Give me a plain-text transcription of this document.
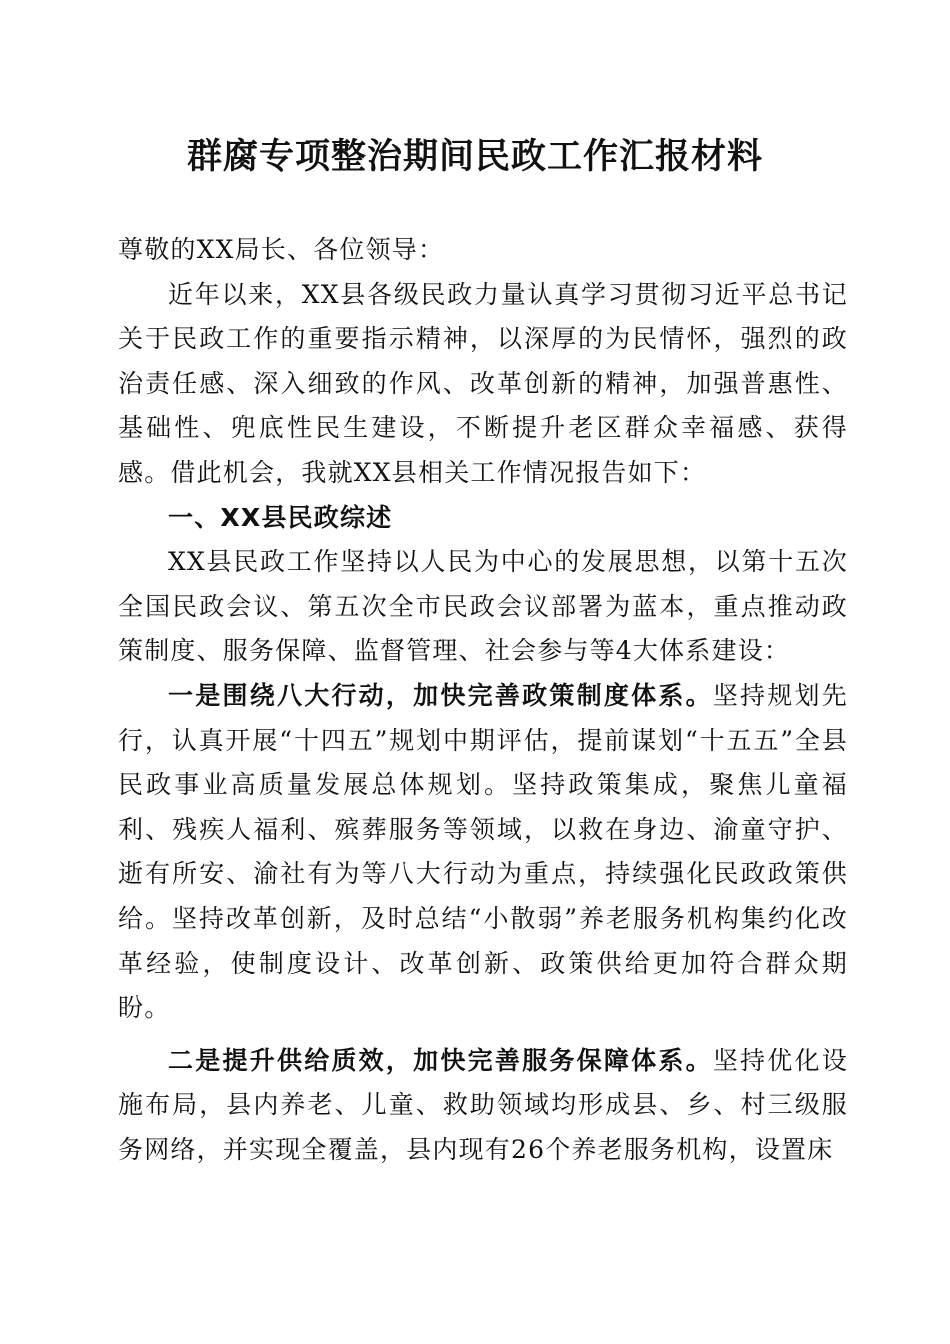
群腐专项整治期间民政工作汇报材料

尊敬的XX局长、各位领导：

近年以来，XX县各级民政力量认真学习贯彻习近平总书记关于民政工作的重要指示精神，以深厚的为民情怀，强烈的政治责任感、深入细致的作风、改革创新的精神，加强普惠性、基础性、兜底性民生建设，不断提升老区群众幸福感、获得感。借此机会，我就XX县相关工作情况报告如下：

一、XX县民政综述

XX县民政工作坚持以人民为中心的发展思想，以第十五次全国民政会议、第五次全市民政会议部署为蓝本，重点推动政策制度、服务保障、监督管理、社会参与等4大体系建设：

一是围绕八大行动，加快完善政策制度体系。坚持规划先行，认真开展“十四五”规划中期评估，提前谋划“十五五”全县民政事业高质量发展总体规划。坚持政策集成，聚焦儿童福利、残疾人福利、殡葬服务等领域，以救在身边、渝童守护、逝有所安、渝社有为等八大行动为重点，持续强化民政政策供给。坚持改革创新，及时总结“小散弱”养老服务机构集约化改革经验，使制度设计、改革创新、政策供给更加符合群众期盼。

二是提升供给质效，加快完善服务保障体系。坚持优化设施布局，县内养老、儿童、救助领域均形成县、乡、村三级服务网络，并实现全覆盖，县内现有26个养老服务机构，设置床
